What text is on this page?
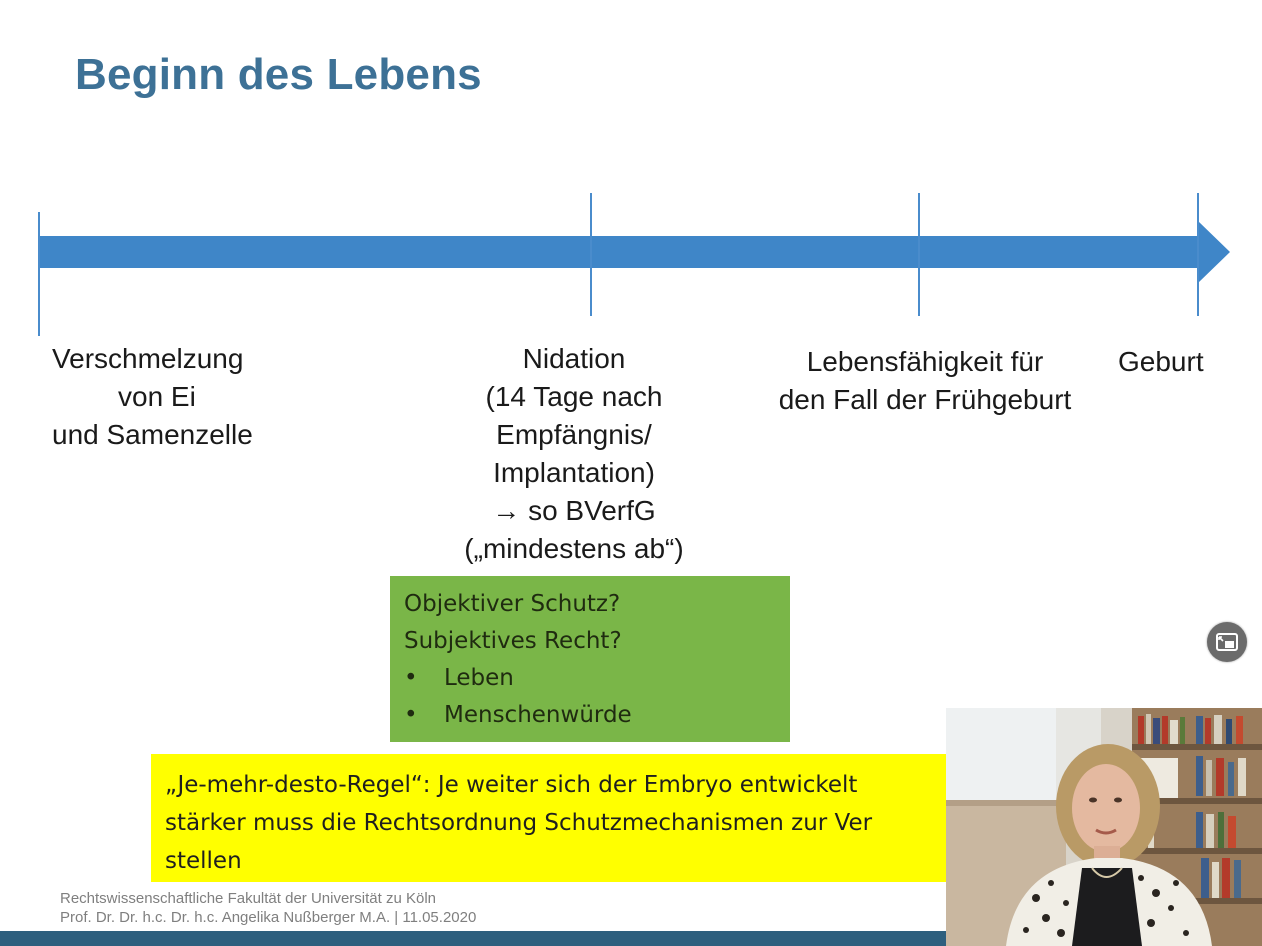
Beginn des Lebens
Verschmelzung
von Ei
und Samenzelle
Nidation
(14 Tage nach
Empfängnis/
Implantation)
→ so BVerfG
(„mindestens ab“)
Lebensfähigkeit für
den Fall der Frühgeburt
Geburt
Objektiver Schutz?
Subjektives Recht?
• Leben
• Menschenwürde
„Je-mehr-desto-Regel“: Je weiter sich der Embryo entwickelt
stärker muss die Rechtsordnung Schutzmechanismen zur Ver
stellen
Rechtswissenschaftliche Fakultät der Universität zu Köln
Prof. Dr. Dr. h.c. Dr. h.c. Angelika Nußberger M.A. | 11.05.2020
